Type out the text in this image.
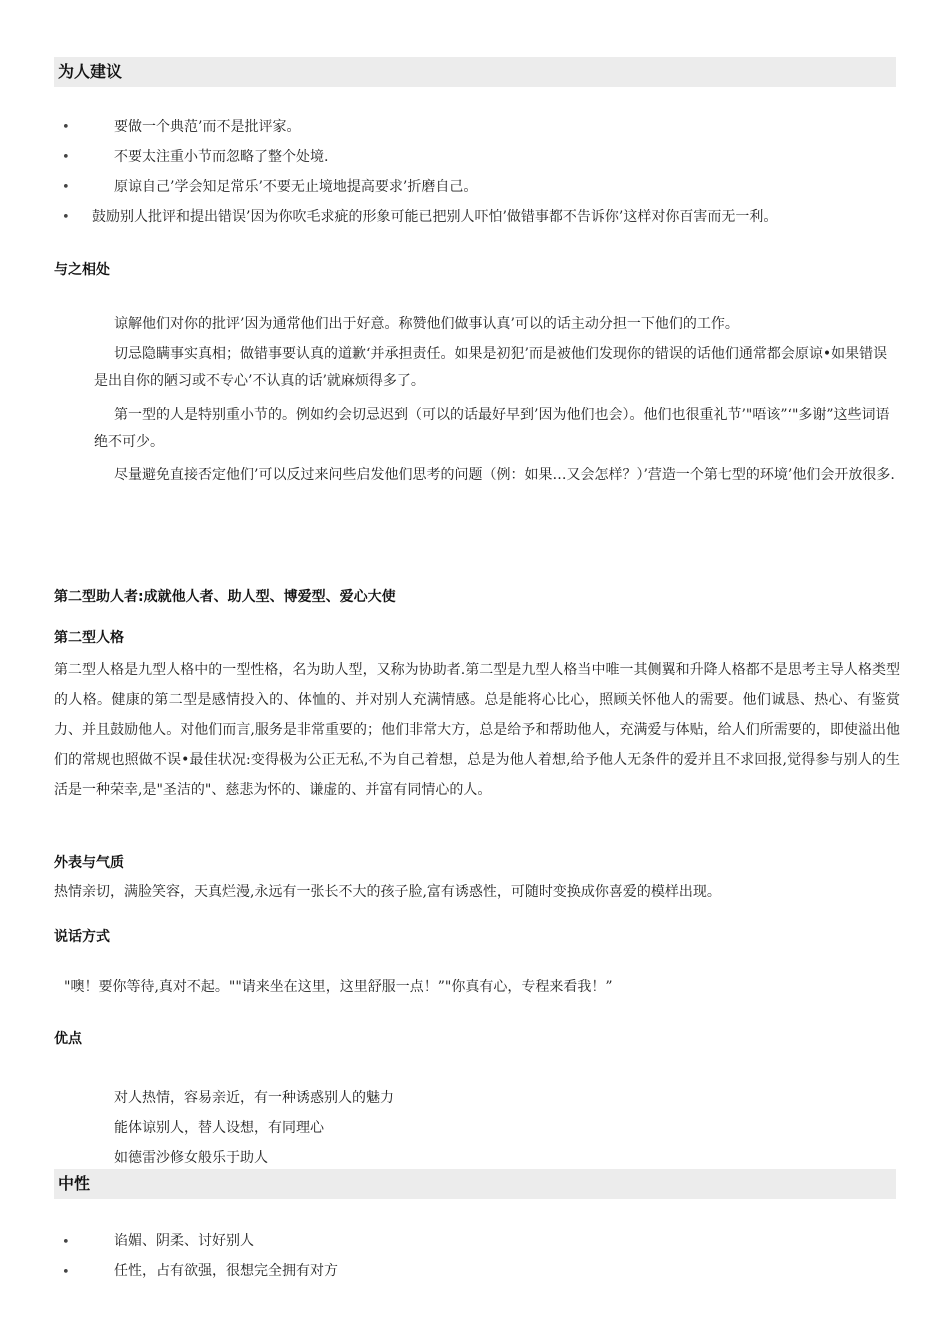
为人建议
•	要做一个典范’而不是批评家。
•	不要太注重小节而忽略了整个处境.
•	原谅自己’学会知足常乐’不要无止境地提高要求’折磨自己。
• 鼓励别人批评和提出错误’因为你吹毛求疵的形象可能已把别人吓怕’做错事都不告诉你’这样对你百害而无一利。
与之相处

谅解他们对你的批评’因为通常他们出于好意。称赞他们做事认真’可以的话主动分担一下他们的工作。

切忌隐瞒事实真相；做错事要认真的道歉‘并承担责任。如果是初犯’而是被他们发现你的错误的话他们通常都会原谅•如果错误是出自你的陋习或不专心’不认真的话’就麻烦得多了。

第一型的人是特别重小节的。例如约会切忌迟到（可以的话最好早到’因为他们也会）。他们也很重礼节’"唔该”‘"多谢”这些词语绝不可少。

尽量避免直接否定他们’可以反过来问些启发他们思考的问题（例：如果…又会怎样？）’营造一个第七型的环境’他们会开放很多.

第二型助人者:成就他人者、助人型、博爱型、爱心大使
第二型人格

第二型人格是九型人格中的一型性格，名为助人型，又称为协助者.第二型是九型人格当中唯一其侧翼和升降人格都不是思考主导人格类型的人格。健康的第二型是感情投入的、体恤的、并对别人充满情感。总是能将心比心，照顾关怀他人的需要。他们诚恳、热心、有鉴赏力、并且鼓励他人。对他们而言,服务是非常重要的；他们非常大方，总是给予和帮助他人，充满爱与体贴，给人们所需要的，即使溢出他们的常规也照做不误•最佳状况:变得极为公正无私,不为自己着想，总是为他人着想,给予他人无条件的爱并且不求回报,觉得参与别人的生活是一种荣幸,是"圣洁的"、慈悲为怀的、谦虚的、并富有同情心的人。

外表与气质
热情亲切，满脸笑容，天真烂漫,永远有一张长不大的孩子脸,富有诱惑性，可随时变换成你喜爱的模样出现。
说话方式
"噢！要你等待,真对不起。""请来坐在这里，这里舒服一点！”"你真有心，专程来看我！”
优点
对人热情，容易亲近，有一种诱惑别人的魅力
能体谅别人，替人设想，有同理心
如德雷沙修女般乐于助人
中性
•	谄媚、阴柔、讨好别人
•	任性，占有欲强，很想完全拥有对方
